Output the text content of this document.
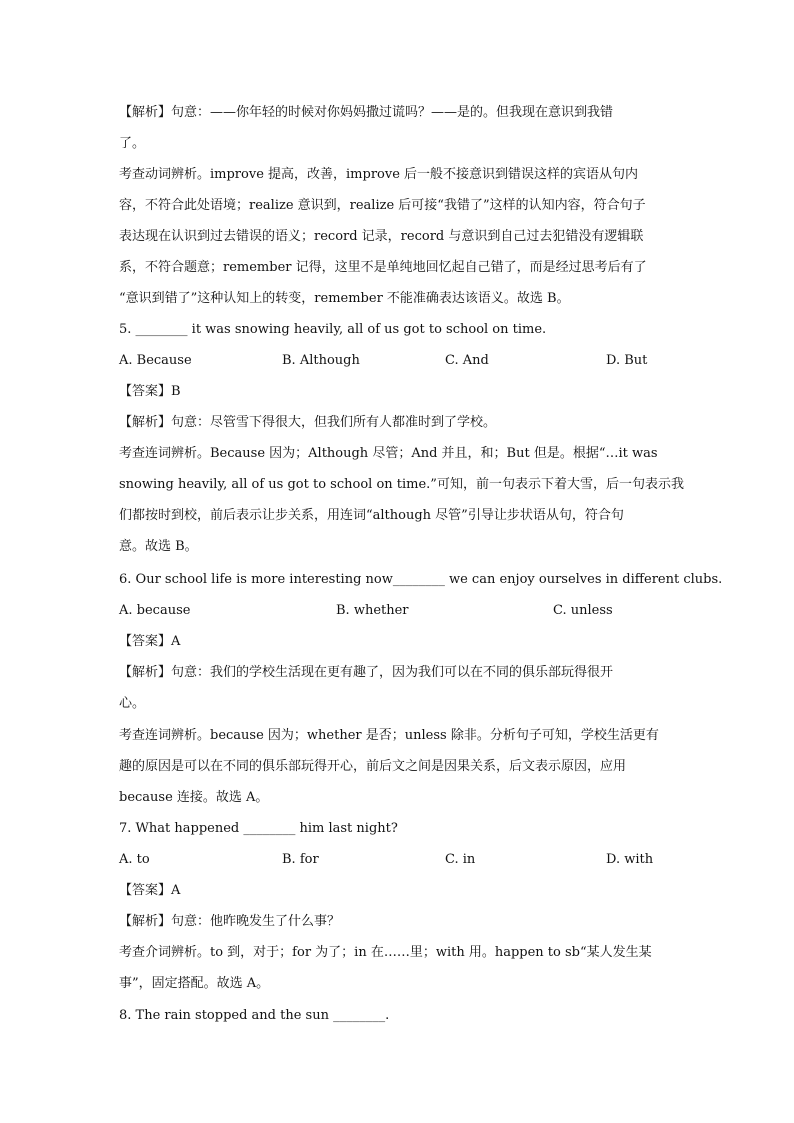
【解析】句意：——你年轻的时候对你妈妈撒过谎吗？——是的。但我现在意识到我错
了。
考查动词辨析。improve 提高，改善，improve 后一般不接意识到错误这样的宾语从句内
容，不符合此处语境；realize 意识到，realize 后可接“我错了”这样的认知内容，符合句子
表达现在认识到过去错误的语义；record 记录，record 与意识到自己过去犯错没有逻辑联
系，不符合题意；remember 记得，这里不是单纯地回忆起自己错了，而是经过思考后有了
“意识到错了”这种认知上的转变，remember 不能准确表达该语义。故选 B。
5. ________ it was snowing heavily, all of us got to school on time.
A. Because	B. Although	C. And	D. But
【答案】B
【解析】句意：尽管雪下得很大，但我们所有人都准时到了学校。
考查连词辨析。Because 因为；Although 尽管；And 并且，和；But 但是。根据“…it was
snowing heavily, all of us got to school on time.”可知，前一句表示下着大雪，后一句表示我
们都按时到校，前后表示让步关系，用连词“although 尽管”引导让步状语从句，符合句
意。故选 B。
6. Our school life is more interesting now________ we can enjoy ourselves in different clubs.
A. because	B. whether	C. unless
【答案】A
【解析】句意：我们的学校生活现在更有趣了，因为我们可以在不同的俱乐部玩得很开
心。
考查连词辨析。because 因为；whether 是否；unless 除非。分析句子可知，学校生活更有
趣的原因是可以在不同的俱乐部玩得开心，前后文之间是因果关系，后文表示原因，应用
because 连接。故选 A。
7. What happened ________ him last night?
A. to	B. for	C. in	D. with
【答案】A
【解析】句意：他昨晚发生了什么事？
考查介词辨析。to 到，对于；for 为了；in 在……里；with 用。happen to sb“某人发生某
事”，固定搭配。故选 A。
8. The rain stopped and the sun ________.
